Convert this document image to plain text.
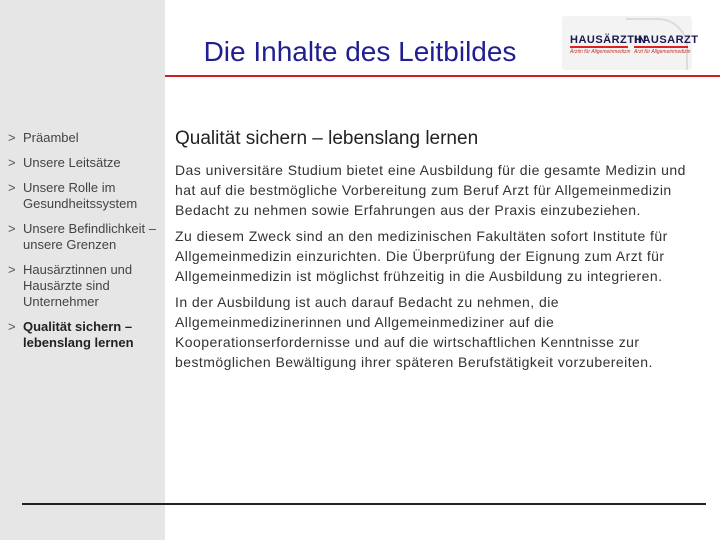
Die Inhalte des Leitbildes	HAUSÄRZTIN
Ärztin für Allgemeinmedizin
HAUSARZT
Arzt für Allgemeinmedizin
> Präambel
> Unsere Leitsätze
> Unsere Rolle im Gesundheitssystem
> Unsere Befindlichkeit – unsere Grenzen
> Hausärztinnen und Hausärzte sind Unternehmer
> Qualität sichern – lebenslang lernen
Qualität sichern – lebenslang lernen

Das universitäre Studium bietet eine Ausbildung für die gesamte Medizin und hat auf die bestmögliche Vorbereitung zum Beruf Arzt für Allgemeinmedizin Bedacht zu nehmen sowie Erfahrungen aus der Praxis einzubeziehen.

Zu diesem Zweck sind an den medizinischen Fakultäten sofort Institute für Allgemeinmedizin einzurichten. Die Überprüfung der Eignung zum Arzt für Allgemeinmedizin ist möglichst frühzeitig in die Ausbildung zu integrieren.

In der Ausbildung ist auch darauf Bedacht zu nehmen, die Allgemeinmedizinerinnen und Allgemeinmediziner auf die Kooperationserfordernisse und auf die wirtschaftlichen Kenntnisse zur bestmöglichen Bewältigung ihrer späteren Berufstätigkeit vorzubereiten.
